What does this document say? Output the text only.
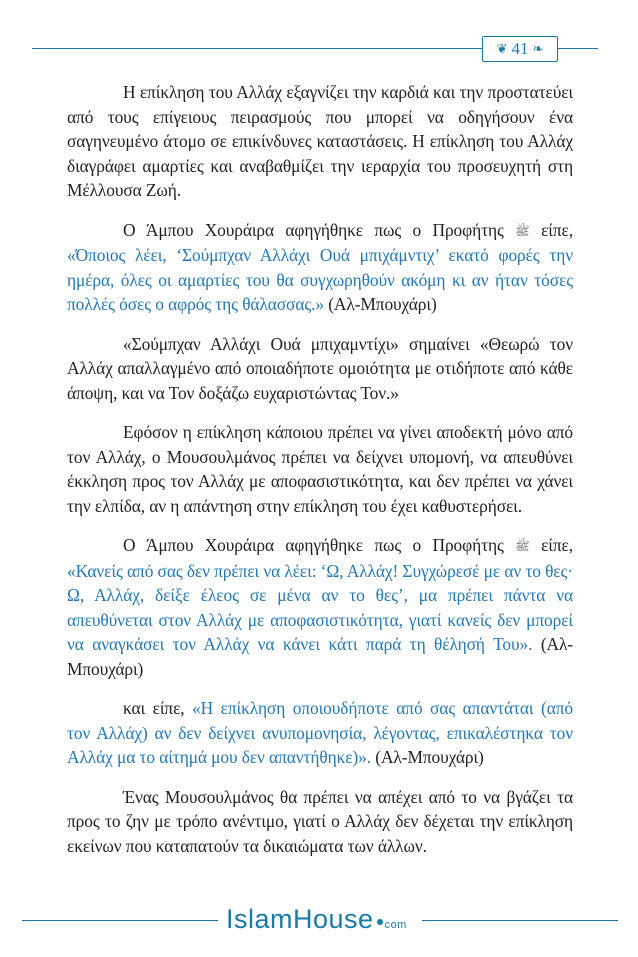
❦ 41 ❧

Η επίκληση του Αλλάχ εξαγνίζει την καρδιά και την προστατεύει από τους επίγειους πειρασμούς που μπορεί να οδηγήσουν ένα σαγηνευμένο άτομο σε επικίνδυνες καταστάσεις. Η επίκληση του Αλλάχ διαγράφει αμαρτίες και αναβαθμίζει την ιεραρχία του προσευχητή στη Μέλλουσα Ζωή.

Ο Άμπου Χουράιρα αφηγήθηκε πως ο Προφήτης ﷺ είπε, «Όποιος λέει, ‘Σούμπχαν Αλλάχι Ουά μπιχάμντιχ’ εκατό φορές την ημέρα, όλες οι αμαρτίες του θα συγχωρηθούν ακόμη κι αν ήταν τόσες πολλές όσες ο αφρός της θάλασσας.» (Αλ-Μπουχάρι)

«Σούμπχαν Αλλάχι Ουά μπιχαμντίχι» σημαίνει «Θεωρώ τον Αλλάχ απαλλαγμένο από οποιαδήποτε ομοιότητα με οτιδήποτε από κάθε άποψη, και να Τον δοξάζω ευχαριστώντας Τον.»

Εφόσον η επίκληση κάποιου πρέπει να γίνει αποδεκτή μόνο από τον Αλλάχ, ο Μουσουλμάνος πρέπει να δείχνει υπομονή, να απευθύνει έκκληση προς τον Αλλάχ με αποφασιστικότητα, και δεν πρέπει να χάνει την ελπίδα, αν η απάντηση στην επίκληση του έχει καθυστερήσει.

Ο Άμπου Χουράιρα αφηγήθηκε πως ο Προφήτης ﷺ είπε, «Κανείς από σας δεν πρέπει να λέει: ‘Ω, Αλλάχ! Συγχώρεσέ με αν το θες· Ω, Αλλάχ, δείξε έλεος σε μένα αν το θες’, μα πρέπει πάντα να απευθύνεται στον Αλλάχ με αποφασιστικότητα, γιατί κανείς δεν μπορεί να αναγκάσει τον Αλλάχ να κάνει κάτι παρά τη θέλησή Του». (Αλ-Μπουχάρι)

και είπε, «Η επίκληση οποιουδήποτε από σας απαντάται (από τον Αλλάχ) αν δεν δείχνει ανυπομονησία, λέγοντας, επικαλέστηκα τον Αλλάχ μα το αίτημά μου δεν απαντήθηκε)». (Αλ-Μπουχάρι)

Ένας Μουσουλμάνος θα πρέπει να απέχει από το να βγάζει τα προς το ζην με τρόπο ανέντιμο, γιατί ο Αλλάχ δεν δέχεται την επίκληση εκείνων που καταπατούν τα δικαιώματα των άλλων.

IslamHouse com
